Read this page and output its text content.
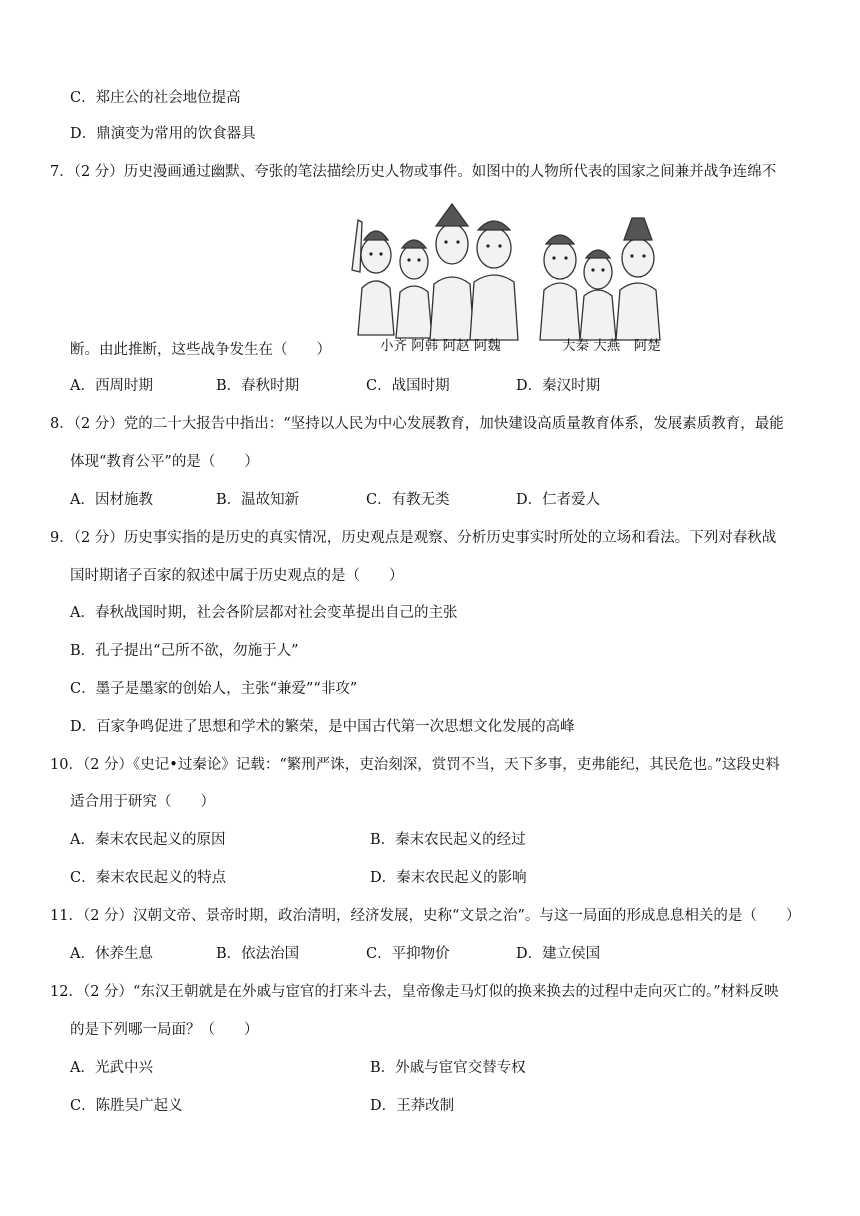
C．郑庄公的社会地位提高
D．鼎演变为常用的饮食器具
7．（2 分）历史漫画通过幽默、夸张的笔法描绘历史人物或事件。如图中的人物所代表的国家之间兼并战争连绵不
断。由此推断，这些战争发生在（　　）	小齐 阿韩 阿赵 阿魏	大秦 大燕　阿楚
A．西周时期	B．春秋时期	C．战国时期	D．秦汉时期
8．（2 分）党的二十大报告中指出：“坚持以人民为中心发展教育，加快建设高质量教育体系，发展素质教育，最能
体现“教育公平”的是（　　）
A．因材施教	B．温故知新	C．有教无类	D．仁者爱人
9．（2 分）历史事实指的是历史的真实情况，历史观点是观察、分析历史事实时所处的立场和看法。下列对春秋战
国时期诸子百家的叙述中属于历史观点的是（　　）
A．春秋战国时期，社会各阶层都对社会变革提出自己的主张
B．孔子提出“己所不欲，勿施于人”
C．墨子是墨家的创始人，主张“兼爱”“非攻”
D．百家争鸣促进了思想和学术的繁荣，是中国古代第一次思想文化发展的高峰
10．（2 分）《史记•过秦论》记载：“繁刑严诛，吏治刻深，赏罚不当，天下多事，吏弗能纪，其民危也。”这段史料
适合用于研究（　　）
A．秦末农民起义的原因	B．秦末农民起义的经过
C．秦末农民起义的特点	D．秦末农民起义的影响
11．（2 分）汉朝文帝、景帝时期，政治清明，经济发展，史称“文景之治”。与这一局面的形成息息相关的是（　　）
A．休养生息	B．依法治国	C．平抑物价	D．建立侯国
12．（2 分）“东汉王朝就是在外戚与宦官的打来斗去，皇帝像走马灯似的换来换去的过程中走向灭亡的。”材料反映
的是下列哪一局面？（　　）
A．光武中兴	B．外戚与宦官交替专权
C．陈胜吴广起义	D．王莽改制
